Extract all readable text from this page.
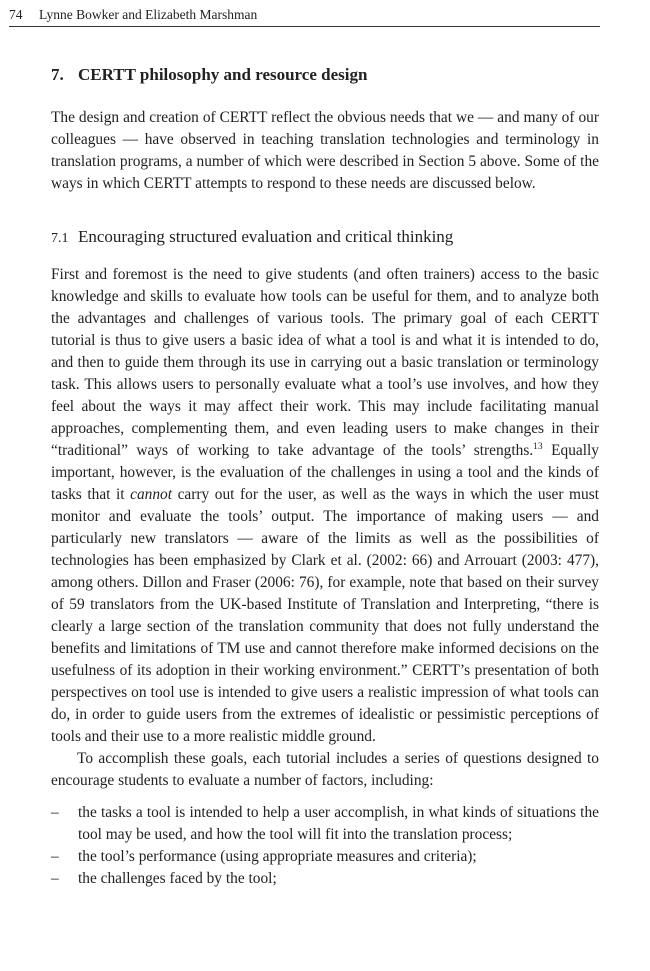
74 Lynne Bowker and Elizabeth Marshman
7. CERTT philosophy and resource design

The design and creation of CERTT reflect the obvious needs that we — and many of our colleagues — have observed in teaching translation technologies and terminology in translation programs, a number of which were described in Section 5 above. Some of the ways in which CERTT attempts to respond to these needs are discussed below.

7.1 Encouraging structured evaluation and critical thinking

First and foremost is the need to give students (and often trainers) access to the basic knowledge and skills to evaluate how tools can be useful for them, and to analyze both the advantages and challenges of various tools. The primary goal of each CERTT tutorial is thus to give users a basic idea of what a tool is and what it is intended to do, and then to guide them through its use in carrying out a basic translation or terminology task. This allows users to personally evaluate what a tool’s use involves, and how they feel about the ways it may affect their work. This may include facilitating manual approaches, complementing them, and even leading users to make changes in their “traditional” ways of working to take advantage of the tools’ strengths.$^{13}$ Equally important, however, is the evaluation of the challenges in using a tool and the kinds of tasks that it cannot carry out for the user, as well as the ways in which the user must monitor and evaluate the tools’ output. The importance of making users — and particularly new translators — aware of the limits as well as the possibilities of technologies has been emphasized by Clark et al. (2002: 66) and Arrouart (2003: 477), among others. Dillon and Fraser (2006: 76), for example, note that based on their survey of 59 translators from the UK-based Institute of Translation and Interpreting, “there is clearly a large section of the translation community that does not fully understand the benefits and limitations of TM use and cannot therefore make informed decisions on the usefulness of its adoption in their working environment.” CERTT’s presentation of both perspectives on tool use is intended to give users a realistic impression of what tools can do, in order to guide users from the extremes of idealistic or pessimistic perceptions of tools and their use to a more realistic middle ground.

To accomplish these goals, each tutorial includes a series of questions designed to encourage students to evaluate a number of factors, including:

– the tasks a tool is intended to help a user accomplish, in what kinds of situations the tool may be used, and how the tool will fit into the translation process;
– the tool’s performance (using appropriate measures and criteria);
– the challenges faced by the tool;
